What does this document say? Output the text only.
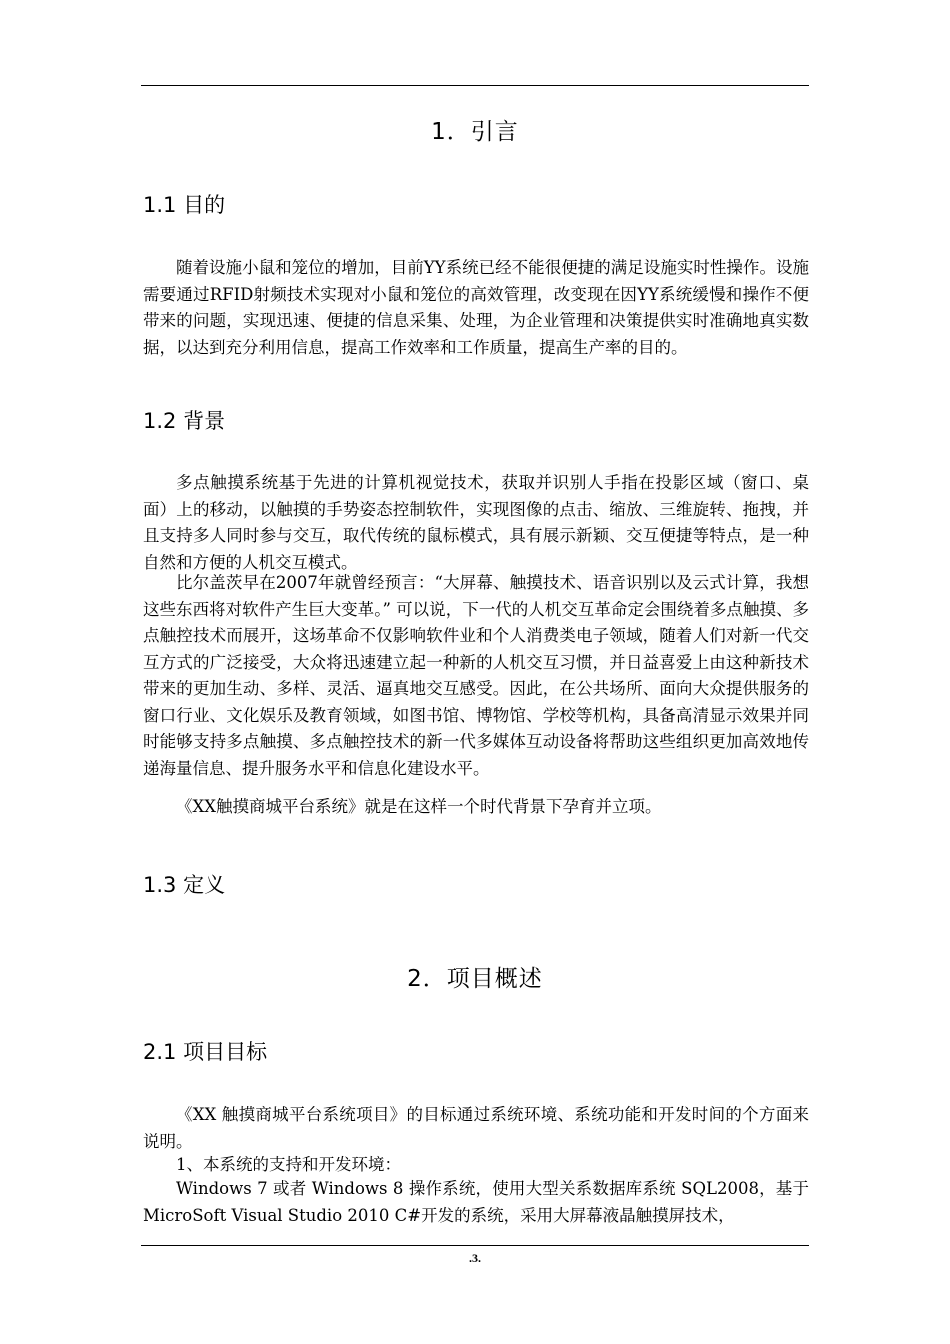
1．引言
1.1 目的

随着设施小鼠和笼位的增加，目前YY系统已经不能很便捷的满足设施实时性操作。设施需要通过RFID射频技术实现对小鼠和笼位的高效管理，改变现在因YY系统缓慢和操作不便带来的问题，实现迅速、便捷的信息采集、处理，为企业管理和决策提供实时准确地真实数据，以达到充分利用信息，提高工作效率和工作质量，提高生产率的目的。

1.2 背景

多点触摸系统基于先进的计算机视觉技术，获取并识别人手指在投影区域（窗口、桌面）上的移动，以触摸的手势姿态控制软件，实现图像的点击、缩放、三维旋转、拖拽，并且支持多人同时参与交互，取代传统的鼠标模式，具有展示新颖、交互便捷等特点，是一种自然和方便的人机交互模式。

比尔盖茨早在2007年就曾经预言：“大屏幕、触摸技术、语音识别以及云式计算，我想这些东西将对软件产生巨大变革。” 可以说，下一代的人机交互革命定会围绕着多点触摸、多点触控技术而展开，这场革命不仅影响软件业和个人消费类电子领域，随着人们对新一代交互方式的广泛接受，大众将迅速建立起一种新的人机交互习惯，并日益喜爱上由这种新技术带来的更加生动、多样、灵活、逼真地交互感受。因此，在公共场所、面向大众提供服务的窗口行业、文化娱乐及教育领域，如图书馆、博物馆、学校等机构，具备高清显示效果并同时能够支持多点触摸、多点触控技术的新一代多媒体互动设备将帮助这些组织更加高效地传递海量信息、提升服务水平和信息化建设水平。

《XX触摸商城平台系统》就是在这样一个时代背景下孕育并立项。

1.3 定义
2．项目概述
2.1 项目目标

《XX 触摸商城平台系统项目》的目标通过系统环境、系统功能和开发时间的个方面来说明。

1、本系统的支持和开发环境：

Windows 7 或者 Windows 8 操作系统，使用大型关系数据库系统 SQL2008，基于 MicroSoft Visual Studio 2010 C#开发的系统，采用大屏幕液晶触摸屏技术，

.3.
